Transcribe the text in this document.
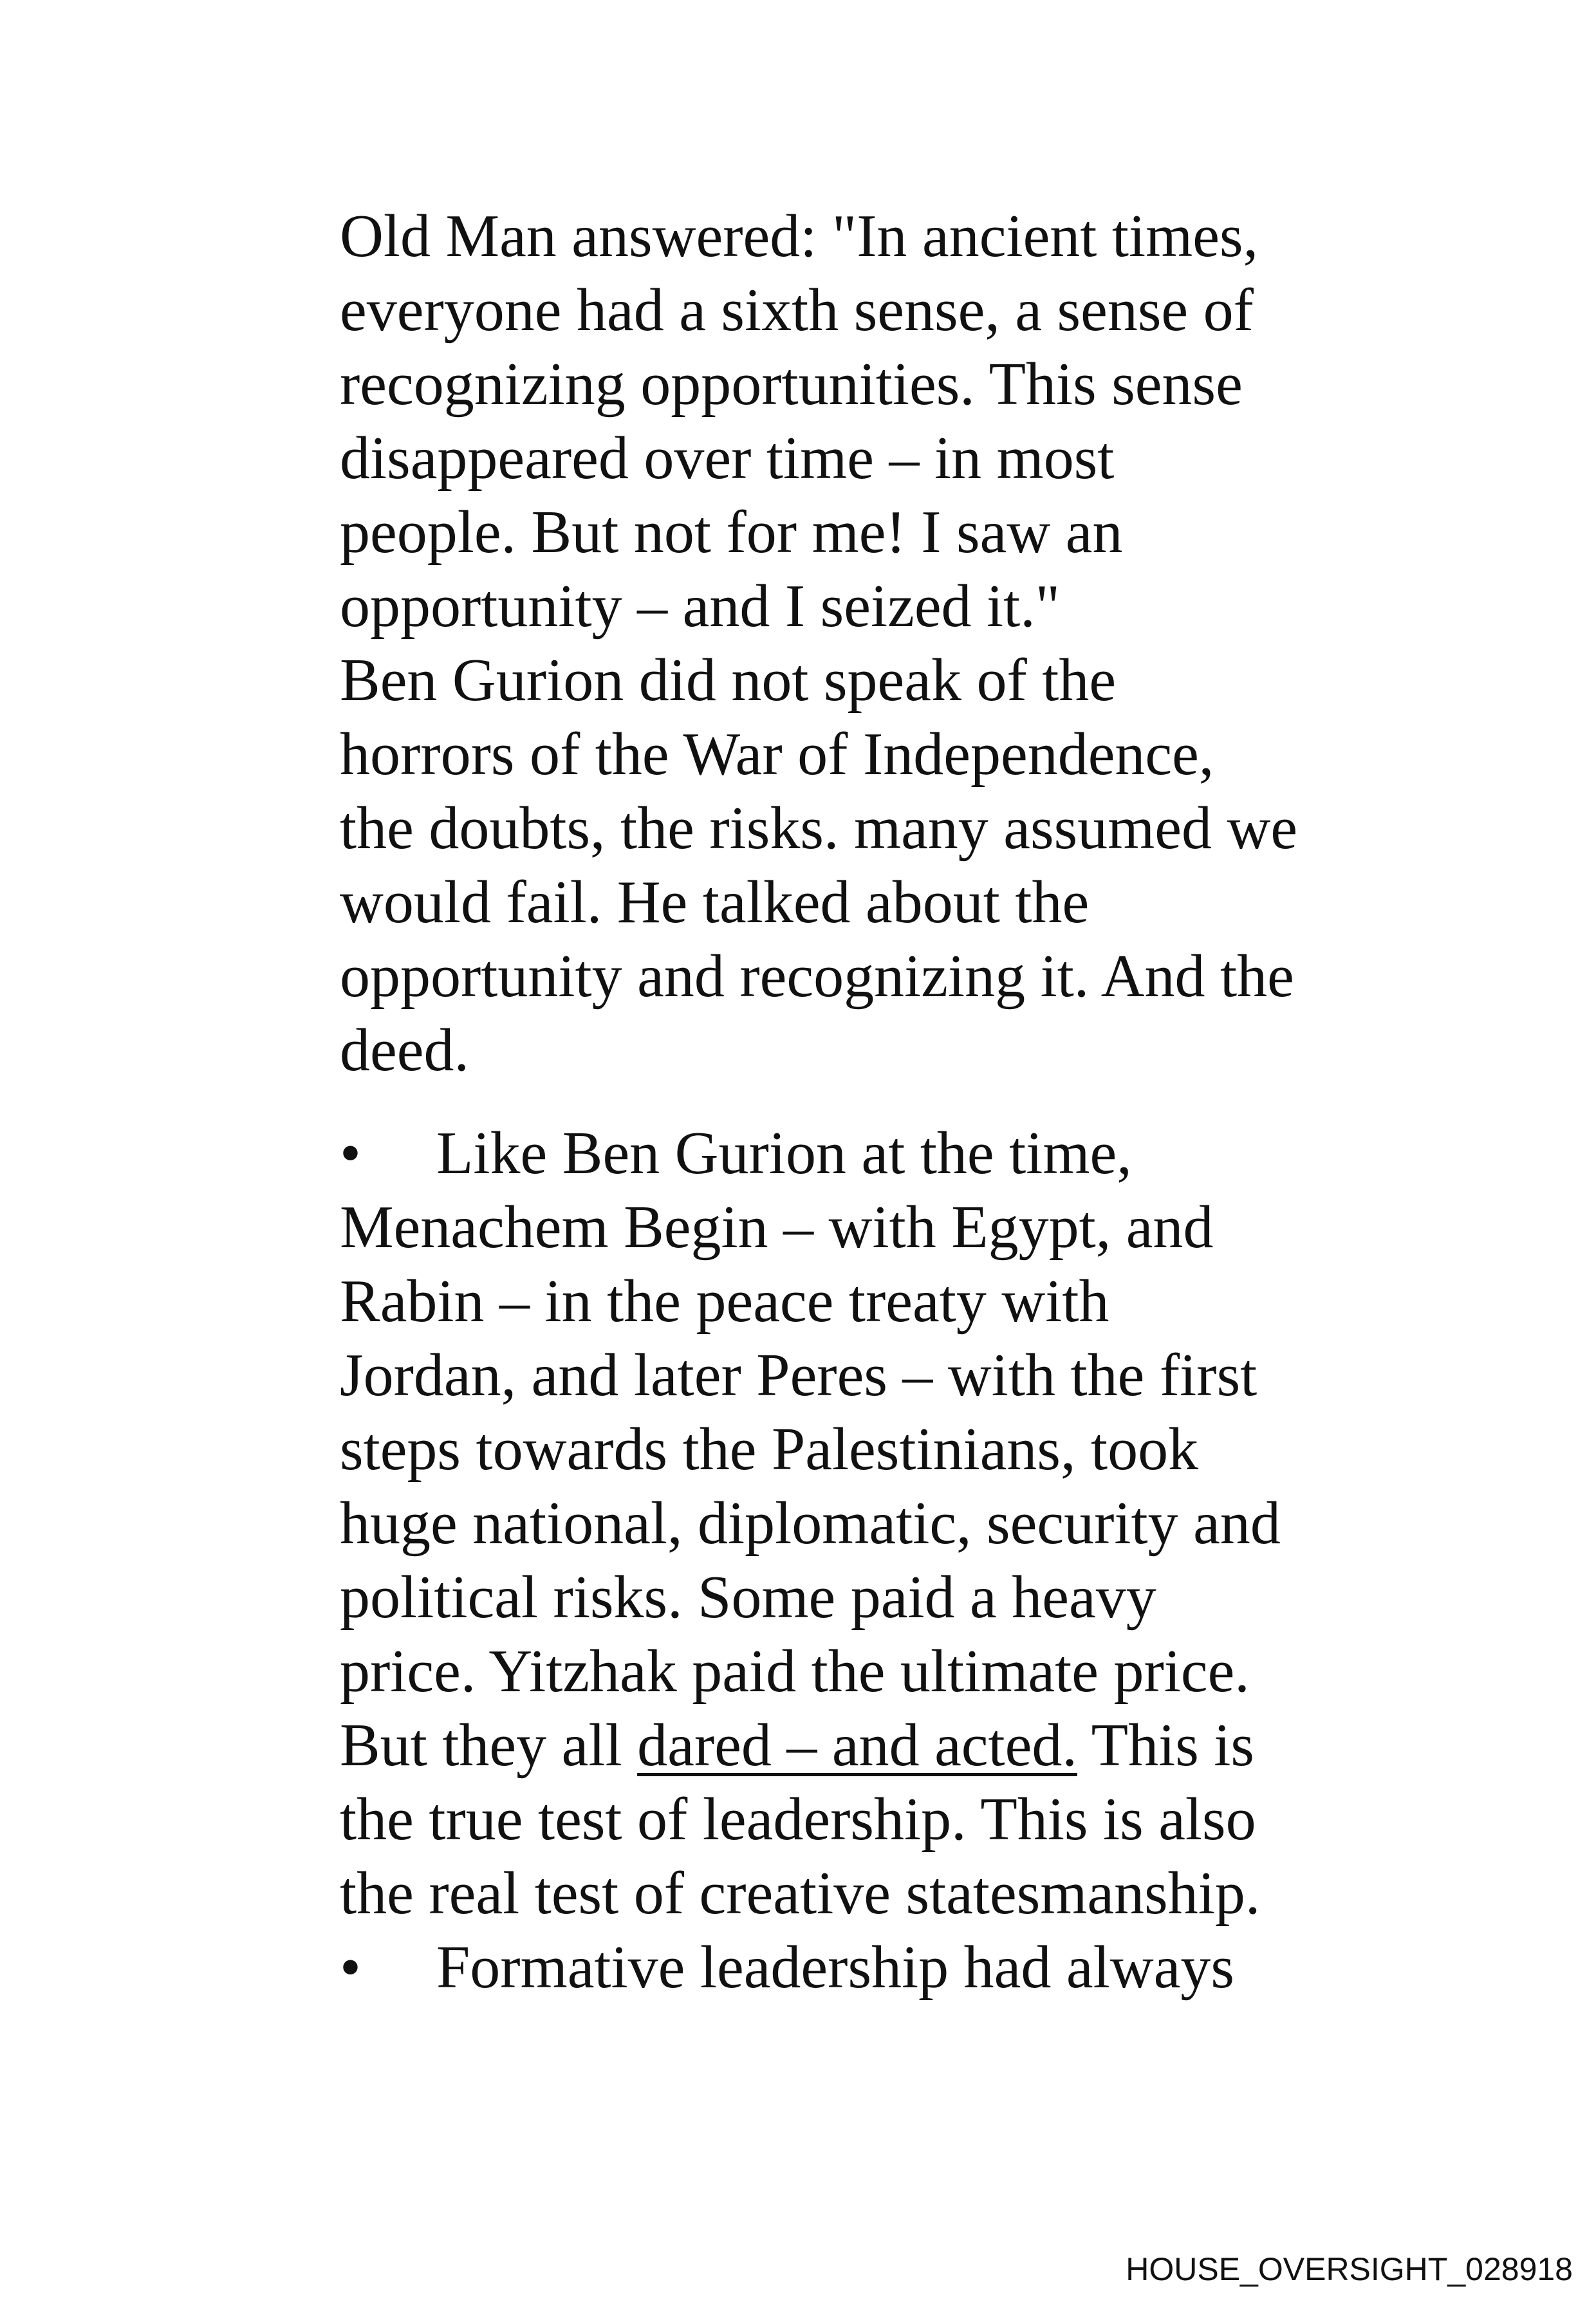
Old Man answered: "In ancient times,
everyone had a sixth sense, a sense of
recognizing opportunities. This sense
disappeared over time – in most
people. But not for me! I saw an
opportunity – and I seized it."
Ben Gurion did not speak of the
horrors of the War of Independence,
the doubts, the risks. many assumed we
would fail. He talked about the
opportunity and recognizing it. And the
deed.
• Like Ben Gurion at the time,
Menachem Begin – with Egypt, and
Rabin – in the peace treaty with
Jordan, and later Peres – with the first
steps towards the Palestinians, took
huge national, diplomatic, security and
political risks. Some paid a heavy
price. Yitzhak paid the ultimate price.
But they all dared – and acted. This is
the true test of leadership. This is also
the real test of creative statesmanship.
• Formative leadership had always
HOUSE_OVERSIGHT_028918
